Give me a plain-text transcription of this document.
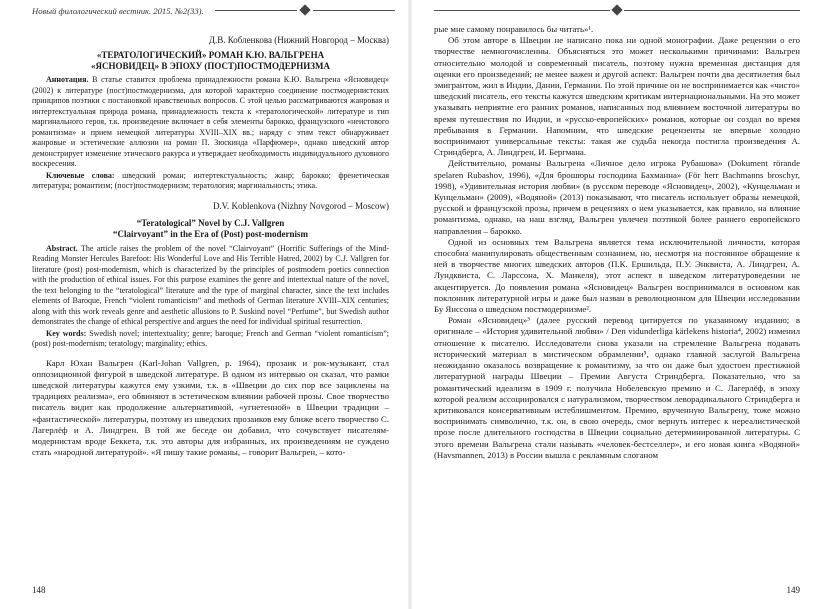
Новый филологический вестник. 2015. №2(33).
Д.В. Кобленкова (Нижний Новгород – Москва)
«ТЕРАТОЛОГИЧЕСКИЙ» РОМАН К.Ю. ВАЛЬГРЕНА
«ЯСНОВИДЕЦ» В ЭПОХУ (ПОСТ)ПОСТМОДЕРНИЗМА

Аннотация. В статье ставится проблема принадлежности романа К.Ю. Вальгрена «Ясновидец» (2002) к литературе (пост)постмодернизма, для которой характерно соединение постмодернистских принципов поэтики с постановкой нравственных вопросов. С этой целью рассматриваются жанровая и интертекстуальная природа романа, принадлежность текста к «тератологической» литературе и тип маргинального героя, т.к. произведение включает в себя элементы барокко, французского «неистового романтизма» и прием немецкой литературы XVIII–XIX вв.; наряду с этим текст обнаруживает жанровые и эстетические аллюзии на роман П. Зюскинда «Парфюмер», однако шведский автор демонстрирует изменение этического ракурса и утверждает необходимость индивидуального духовного воскресения.

Ключевые слова: шведский роман; интертекстуальность; жанр; барокко; френетическая литература; романтизм; (пост)постмодернизм; тератология; маргинальность; этика.

D.V. Koblenkova (Nizhny Novgorod – Moscow)
“Teratological” Novel by C.J. Vallgren
“Clairvoyant” in the Era of (Post) post-modernism

Abstract. The article raises the problem of the novel “Clairvoyant” (Horrific Sufferings of the Mind-Reading Monster Hercules Barefoot: His Wonderful Love and His Terrible Hatred, 2002) by C.J. Vallgren for literature (post) post-modernism, which is characterized by the principles of postmodern poetics connection with the production of ethical issues. For this purpose examines the genre and intertextual nature of the novel, the text belonging to the “teratological” literature and the type of marginal character, since the text includes elements of Baroque, French “violent romanticism” and methods of German literature XVIII–XIX centuries; along with this work reveals genre and aesthetic allusions to P. Suskind novel “Perfume”, but Swedish author demonstrates the change of ethical perspective and argues the need for individual spiritual resurrection.

Key words: Swedish novel; intertextuality; genre; baroque; French and German “violent romanticism”; (post) post-modernism; teratology; marginality; ethics.

Карл Юхан Вальгрен (Karl-Johan Vallgren, р. 1964), прозаик и рок-музыкант, стал оппозиционной фигурой в шведской литературе. В одном из интервью он сказал, что рамки шведской литературы кажутся ему узкими, т.к. в «Швеции до сих пор все зациклены на традициях реализма», его обвиняют в эстетическом влиянии рабочей прозы. Свое творчество писатель видит как продолжение альтернативной, «угнетенной» в Швеции традиции – «фантастической» литературы, поэтому из шведских прозаиков ему ближе всего творчество С. Лагерлёф и А. Линдгрен. В той же беседе он добавил, что сочувствует писателям-модернистам вроде Беккета, т.к. это авторы для избранных, их произведениям не суждено стать «народной литературой». «Я пишу такие романы, – говорит Вальгрен, – кото-

148

рые мне самому понравилось бы читать»¹.

Об этом авторе в Швеции не написано пока ни одной монографии. Даже рецензии о его творчестве немногочисленны. Объясняться это может несколькими причинами: Вальгрен относительно молодой и современный писатель, поэтому нужна временная дистанция для оценки его произведений; не менее важен и другой аспект: Вальгрен почти два десятилетия был эмигрантом, жил в Индии, Дании, Германии. По этой причине он не воспринимается как «чисто» шведский писатель, его тексты кажутся шведским критикам интернациональными. На это может указывать неприятие его ранних романов, написанных под влиянием восточной литературы во время путешествия по Индии, и «русско-европейских» романов, которые он создал во время пребывания в Германии. Напомним, что шведские рецензенты не впервые холодно воспринимают универсальные тексты: такая же судьба некогда постигла произведения А. Стриндберга, А. Линдгрен, И. Бергмана.

Действительно, романы Вальгрена «Личное дело игрока Рубашова» (Dokument rörande spelaren Rubashov, 1996), «Для брошюры господина Бахманна» (För herr Bachmanns broschyr, 1998), «Удивительная история любви» (в русском переводе «Ясновидец», 2002), «Кунцельман и Кунцельман» (2009), «Водяной» (2013) показывают, что писатель использует образы немецкой, русской и французской прозы, причем в рецензиях о нем указывается, как правило, на влияние романтизма, однако, на наш взгляд, Вальгрен увлечен поэтикой более раннего европейского направления – барокко.

Одной из основных тем Вальгрена является тема исключительной личности, которая способна манипулировать общественным сознанием, но, несмотря на постоянное обращение к ней в творчестве многих шведских авторов (П.К. Ершильда, П.У. Энквиста, А. Линдгрен, А. Лундквиста, С. Ларссона, Х. Манкеля), этот аспект в шведском литературоведении не акцентируется. До появления романа «Ясновидец» Вальгрен воспринимался в основном как поклонник литературной игры и даже был назван в революционном для Швеции исследовании Бу Янссона о шведском постмодернизме².

Роман «Ясновидец»³ (далее русский перевод цитируется по указанному изданию; в оригинале – «История удивительной любви» / Den vidunderliga kärlekens historia⁴, 2002) изменил отношение к писателю. Исследователи снова указали на стремление Вальгрена подавать исторический материал в мистическом обрамлении⁵, однако главной заслугой Вальгрена неожиданно оказалось возвращение к романтизму, за что он даже был удостоен престижной литературной награды Швеции – Премии Августа Стриндберга. Показательно, что за романтический идеализм в 1909 г. получила Нобелевскую премию и С. Лагерлёф, в эпоху которой реализм ассоциировался с натурализмом, творчеством леворадикального Стриндберга и критиковался консервативным истеблишментом. Премию, врученную Вальгрену, тоже можно воспринимать символично, т.к. он, в свою очередь, смог вернуть интерес к нереалистической прозе после длительного господства в Швеции социально детерминированной литературы. С этого времени Вальгрена стали называть «человек-бестселлер», и его новая книга «Водяной» (Havsmannen, 2013) в России вышла с рекламным слоганом

149
